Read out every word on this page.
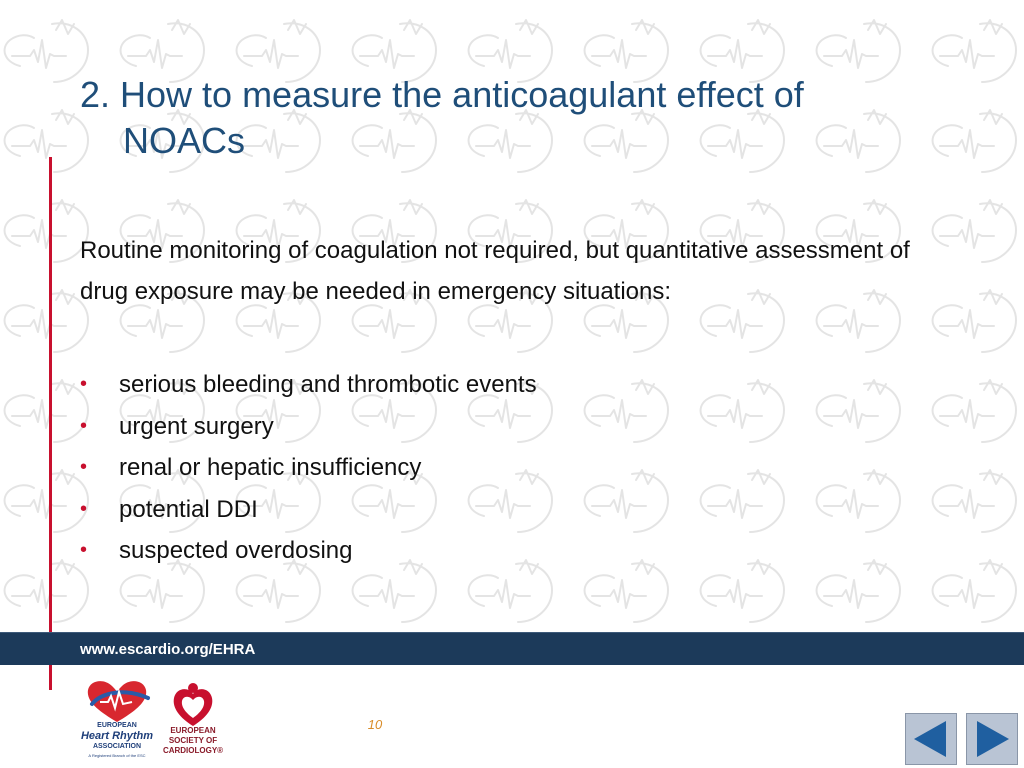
2. How to measure the anticoagulant effect of
NOACs
Routine monitoring of coagulation not required, but quantitative assessment of drug exposure may be needed in emergency situations:
• serious bleeding and thrombotic events
• urgent surgery
• renal or hepatic insufficiency
• potential DDI
• suspected overdosing
www.escardio.org/EHRA
EUROPEAN
Heart Rhythm
ASSOCIATION
A Registered Branch of the ESC
EUROPEAN
SOCIETY OF
CARDIOLOGY®
10
